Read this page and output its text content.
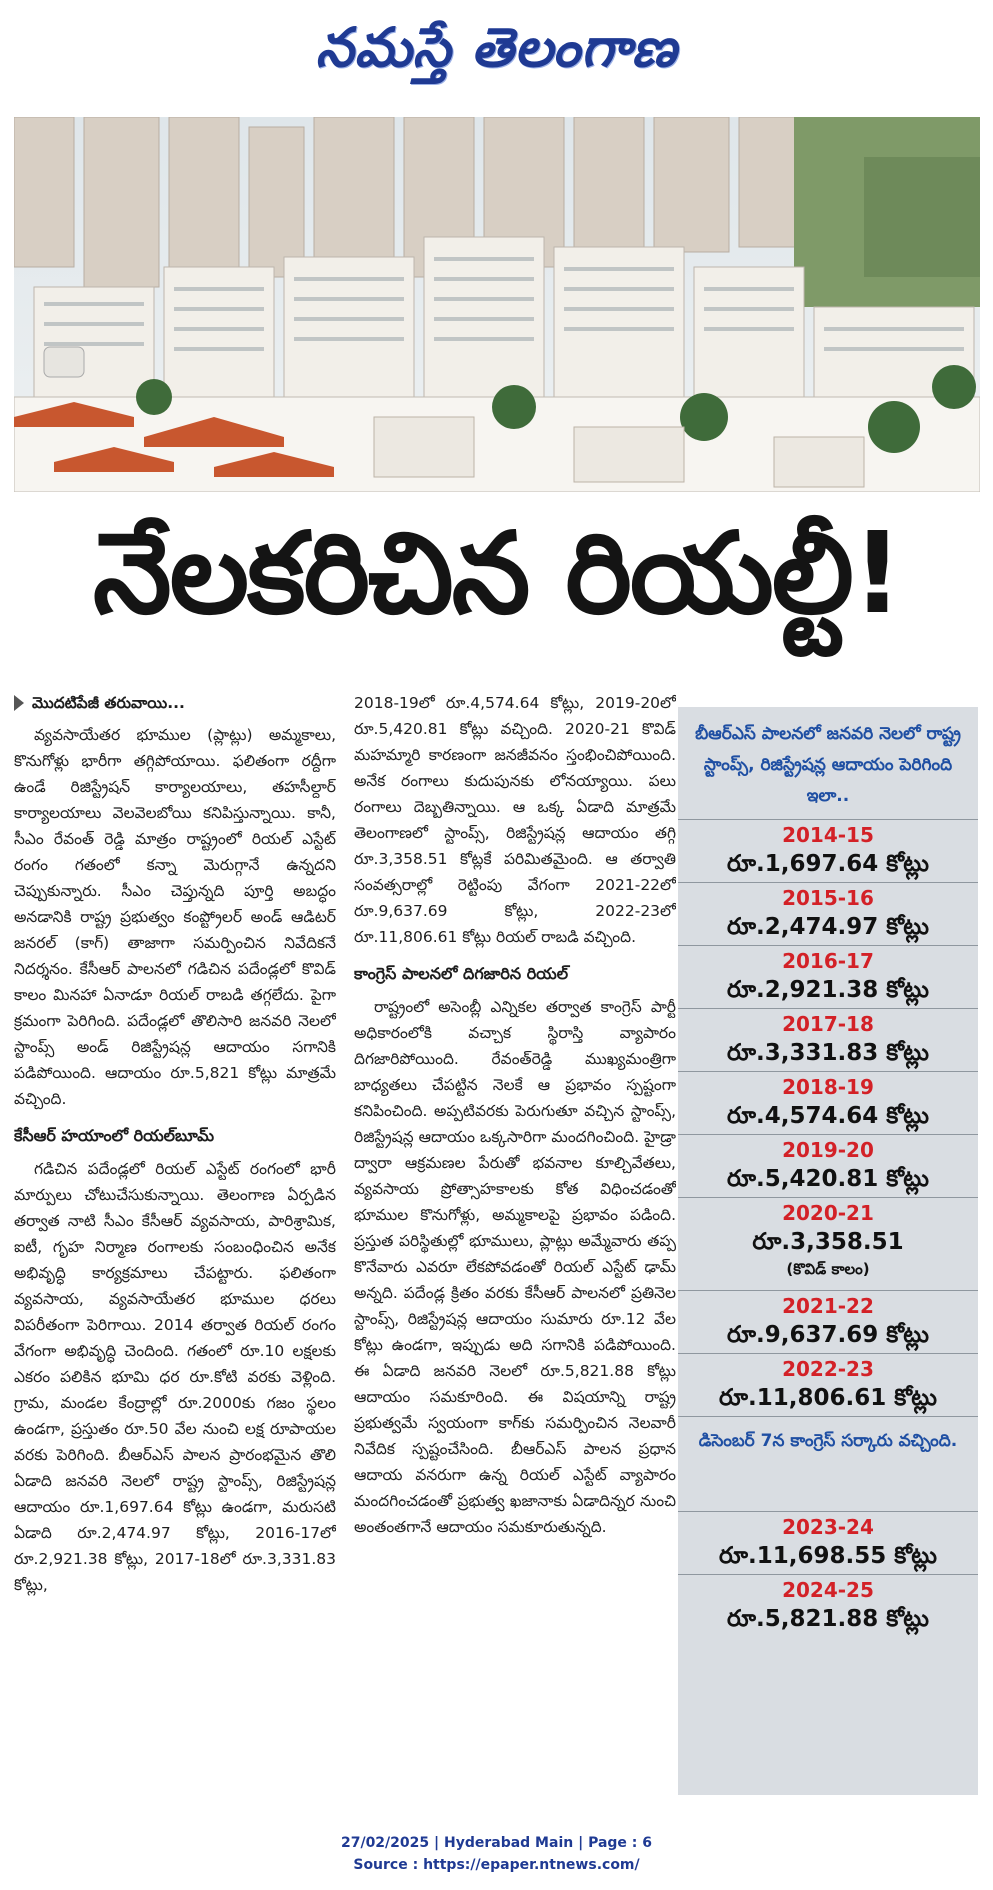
నమస్తే తెలంగాణ
నేలకరిచిన రియల్టీ!
మొదటిపేజీ తరువాయి...

వ్యవసాయేతర భూముల (ప్లాట్లు) అమ్మకాలు, కొనుగోళ్లు భారీగా తగ్గిపోయాయి. ఫలితంగా రద్దీగా ఉండే రిజిస్ట్రేషన్ కార్యాలయాలు, తహసీల్దార్ కార్యాలయాలు వెలవెలబోయి కనిపిస్తున్నాయి. కానీ, సీఎం రేవంత్ రెడ్డి మాత్రం రాష్ట్రంలో రియల్ ఎస్టేట్ రంగం గతంలో కన్నా మెరుగ్గానే ఉన్నదని చెప్పుకున్నారు. సీఎం చెప్తున్నది పూర్తి అబద్ధం అనడానికి రాష్ట్ర ప్రభుత్వం కంప్ట్రోలర్ అండ్ ఆడిటర్ జనరల్ (కాగ్) తాజాగా సమర్పించిన నివేదికనే నిదర్శనం. కేసీఆర్ పాలనలో గడిచిన పదేండ్లలో కొవిడ్ కాలం మినహా ఏనాడూ రియల్ రాబడి తగ్గలేదు. పైగా క్రమంగా పెరిగింది. పదేండ్లలో తొలిసారి జనవరి నెలలో స్టాంప్స్ అండ్ రిజిస్ట్రేషన్ల ఆదాయం సగానికి పడిపోయింది. ఆదాయం రూ.5,821 కోట్లు మాత్రమే వచ్చింది.

కేసీఆర్ హయాంలో రియల్‌బూమ్

గడిచిన పదేండ్లలో రియల్ ఎస్టేట్ రంగంలో భారీ మార్పులు చోటుచేసుకున్నాయి. తెలంగాణ ఏర్పడిన తర్వాత నాటి సీఎం కేసీఆర్ వ్యవసాయ, పారిశ్రామిక, ఐటీ, గృహ నిర్మాణ రంగాలకు సంబంధించిన అనేక అభివృద్ధి కార్యక్రమాలు చేపట్టారు. ఫలితంగా వ్యవసాయ, వ్యవసాయేతర భూముల ధరలు విపరీతంగా పెరిగాయి. 2014 తర్వాత రియల్ రంగం వేగంగా అభివృద్ధి చెందింది. గతంలో రూ.10 లక్షలకు ఎకరం పలికిన భూమి ధర రూ.కోటి వరకు వెళ్లింది. గ్రామ, మండల కేంద్రాల్లో రూ.2000కు గజం స్థలం ఉండగా, ప్రస్తుతం రూ.50 వేల నుంచి లక్ష రూపాయల వరకు పెరిగింది. బీఆర్ఎస్ పాలన ప్రారంభమైన తొలి ఏడాది జనవరి నెలలో రాష్ట్ర స్టాంప్స్, రిజిస్ట్రేషన్ల ఆదాయం రూ.1,697.64 కోట్లు ఉండగా, మరుసటి ఏడాది రూ.2,474.97 కోట్లు, 2016-17లో రూ.2,921.38 కోట్లు, 2017-18లో రూ.3,331.83 కోట్లు,

2018-19లో రూ.4,574.64 కోట్లు, 2019-20లో రూ.5,420.81 కోట్లు వచ్చింది. 2020-21 కొవిడ్ మహమ్మారి కారణంగా జనజీవనం స్తంభించిపోయింది. అనేక రంగాలు కుదుపునకు లోనయ్యాయి. పలు రంగాలు దెబ్బతిన్నాయి. ఆ ఒక్క ఏడాది మాత్రమే తెలంగాణలో స్టాంప్స్, రిజిస్ట్రేషన్ల ఆదాయం తగ్గి రూ.3,358.51 కోట్లకే పరిమితమైంది. ఆ తర్వాతి సంవత్సరాల్లో రెట్టింపు వేగంగా 2021-22లో రూ.9,637.69 కోట్లు, 2022-23లో రూ.11,806.61 కోట్లు రియల్ రాబడి వచ్చింది.

కాంగ్రెస్ పాలనలో దిగజారిన రియల్

రాష్ట్రంలో అసెంబ్లీ ఎన్నికల తర్వాత కాంగ్రెస్ పార్టీ అధికారంలోకి వచ్చాక స్థిరాస్తి వ్యాపారం దిగజారిపోయింది. రేవంత్‌రెడ్డి ముఖ్యమంత్రిగా బాధ్యతలు చేపట్టిన నెలకే ఆ ప్రభావం స్పష్టంగా కనిపించింది. అప్పటివరకు పెరుగుతూ వచ్చిన స్టాంప్స్, రిజిస్ట్రేషన్ల ఆదాయం ఒక్కసారిగా మందగించింది. హైడ్రా ద్వారా ఆక్రమణల పేరుతో భవనాల కూల్చివేతలు, వ్యవసాయ ప్రోత్సాహకాలకు కోత విధించడంతో భూముల కొనుగోళ్లు, అమ్మకాలపై ప్రభావం పడింది. ప్రస్తుత పరిస్థితుల్లో భూములు, ప్లాట్లు అమ్మేవారు తప్ప కొనేవారు ఎవరూ లేకపోవడంతో రియల్ ఎస్టేట్ ఢామ్ అన్నది. పదేండ్ల క్రితం వరకు కేసీఆర్ పాలనలో ప్రతినెల స్టాంప్స్, రిజిస్ట్రేషన్ల ఆదాయం సుమారు రూ.12 వేల కోట్లు ఉండగా, ఇప్పుడు అది సగానికి పడిపోయింది. ఈ ఏడాది జనవరి నెలలో రూ.5,821.88 కోట్లు ఆదాయం సమకూరింది. ఈ విషయాన్ని రాష్ట్ర ప్రభుత్వమే స్వయంగా కాగ్‌కు సమర్పించిన నెలవారీ నివేదిక స్పష్టంచేసింది. బీఆర్ఎస్ పాలన ప్రధాన ఆదాయ వనరుగా ఉన్న రియల్ ఎస్టేట్ వ్యాపారం మందగించడంతో ప్రభుత్వ ఖజానాకు ఏడాదిన్నర నుంచి అంతంతగానే ఆదాయం సమకూరుతున్నది.

బీఆర్ఎస్ పాలనలో జనవరి నెలలో రాష్ట్ర స్టాంప్స్, రిజిస్ట్రేషన్ల ఆదాయం పెరిగింది ఇలా..
2014-15
రూ.1,697.64 కోట్లు
2015-16
రూ.2,474.97 కోట్లు
2016-17
రూ.2,921.38 కోట్లు
2017-18
రూ.3,331.83 కోట్లు
2018-19
రూ.4,574.64 కోట్లు
2019-20
రూ.5,420.81 కోట్లు
2020-21
రూ.3,358.51
(కొవిడ్ కాలం)
2021-22
రూ.9,637.69 కోట్లు
2022-23
రూ.11,806.61 కోట్లు
డిసెంబర్ 7న కాంగ్రెస్ సర్కారు వచ్చింది.
2023-24
రూ.11,698.55 కోట్లు
2024-25
రూ.5,821.88 కోట్లు
27/02/2025 | Hyderabad Main | Page : 6
Source : https://epaper.ntnews.com/
